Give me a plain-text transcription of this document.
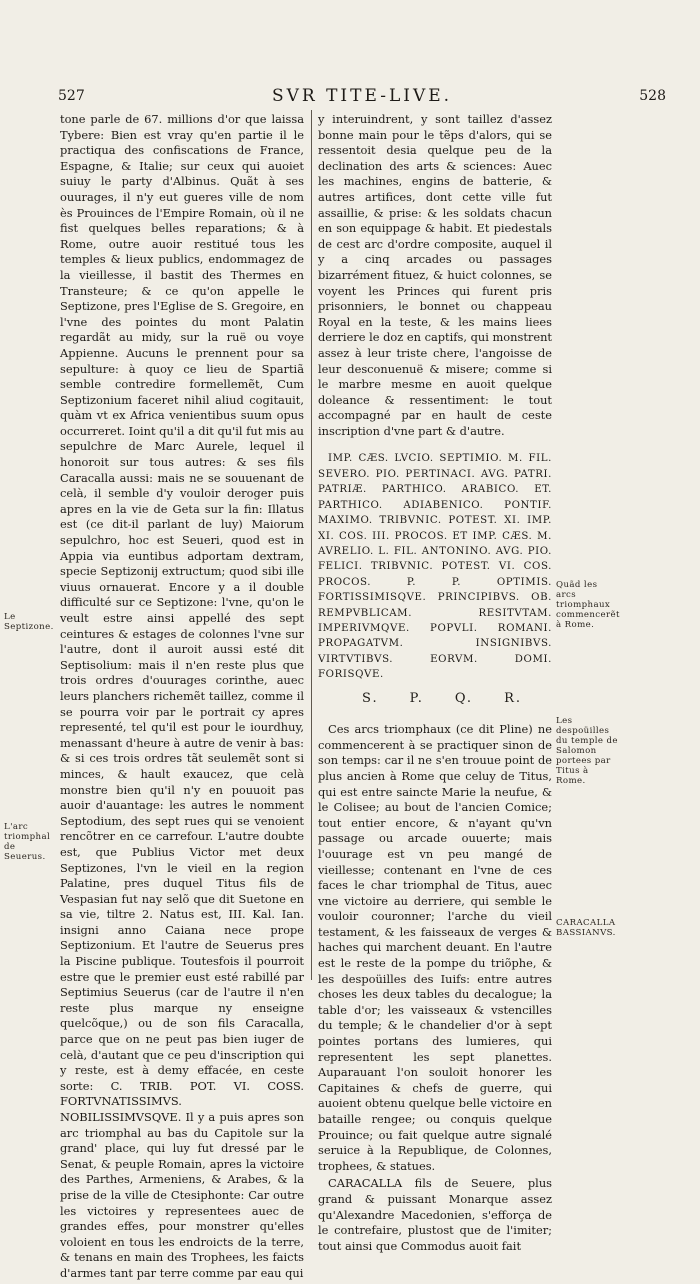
527	SVR TITE-LIVE.	528

tone parle de 67. millions d'or que laissa Tybere: Bien est vray qu'en partie il le practiqua des confiscations de France, Espagne, & Italie; sur ceux qui auoiet suiuy le party d'Albinus. Quãt à ses ouurages, il n'y eut gueres ville de nom ès Prouinces de l'Empire Romain, où il ne fist quelques belles reparations; & à Rome, outre auoir restitué tous les temples & lieux publics, endommagez de la vieillesse, il bastit des Thermes en Transteure; & ce qu'on appelle le Septizone, pres l'Eglise de S. Gregoire, en l'vne des pointes du mont Palatin regardãt au midy, sur la ruë ou voye Appienne. Aucuns le prennent pour sa sepulture: à quoy ce lieu de Spartiã semble contredire formellemẽt, Cum Septizonium faceret nihil aliud cogitauit, quàm vt ex Africa venientibus suum opus occurreret. Ioint qu'il a dit qu'il fut mis au sepulchre de Marc Aurele, lequel il honoroit sur tous autres: & ses fils Caracalla aussi: mais ne se souuenant de celà, il semble d'y vouloir deroger puis apres en la vie de Geta sur la fin: Illatus est (ce dit-il parlant de luy) Maiorum sepulchro, hoc est Seueri, quod est in Appia via euntibus adportam dextram, specie Septizonij extructum; quod sibi ille viuus ornauerat. Encore y a il double difficulté sur ce Septizone: l'vne, qu'on le veult estre ainsi appellé des sept ceintures & estages de colonnes l'vne sur l'autre, dont il auroit aussi esté dit Septisolium: mais il n'en reste plus que trois ordres d'ouurages corinthe, auec leurs planchers richemẽt taillez, comme il se pourra voir par le portrait cy apres representé, tel qu'il est pour le iourdhuy, menassant d'heure à autre de venir à bas: & si ces trois ordres tãt seulemẽt sont si minces, & hault exaucez, que celà monstre bien qu'il n'y en pouuoit pas auoir d'auantage: les autres le nomment Septodium, des sept rues qui se venoient rencõtrer en ce carrefour. L'autre doubte est, que Publius Victor met deux Septizones, l'vn le vieil en la region Palatine, pres duquel Titus fils de Vespasian fut nay selõ que dit Suetone en sa vie, tiltre 2. Natus est, III. Kal. Ian. insigni anno Caiana nece prope Septizonium. Et l'autre de Seuerus pres la Piscine publique. Toutesfois il pourroit estre que le premier eust esté rabillé par Septimius Seuerus (car de l'autre il n'en reste plus marque ny enseigne quelcõque,) ou de son fils Caracalla, parce que on ne peut pas bien iuger de celà, d'autant que ce peu d'inscription qui y reste, est à demy effacée, en ceste sorte: C. TRIB. POT. VI. COSS. FORTVNATISSIMVS. NOBILISSIMVSQVE. Il y a puis apres son arc triomphal au bas du Capitole sur la grand' place, qui luy fut dressé par le Senat, & peuple Romain, apres la victoire des Parthes, Armeniens, & Arabes, & la prise de la ville de Ctesiphonte: Car outre les victoires y representees auec de grandes effes, pour monstrer qu'elles voloient en tous les endroicts de la terre, & tenans en main des Trophees, les faicts d'armes tant par terre comme par eau qui

y interuindrent, y sont taillez d'assez bonne main pour le tẽps d'alors, qui se ressentoit desia quelque peu de la declination des arts & sciences: Auec les machines, engins de batterie, & autres artifices, dont cette ville fut assaillie, & prise: & les soldats chacun en son equippage & habit. Et piedestals de cest arc d'ordre composite, auquel il y a cinq arcades ou passages bizarrément fituez, & huict colonnes, se voyent les Princes qui furent pris prisonniers, le bonnet ou chappeau Royal en la teste, & les mains liees derriere le doz en captifs, qui monstrent assez à leur triste chere, l'angoisse de leur desconuenuë & misere; comme si le marbre mesme en auoit quelque doleance & ressentiment: le tout accompagné par en hault de ceste inscription d'vne part & d'autre.

IMP. CÆS. LVCIO. SEPTIMIO. M. FIL. SEVERO. PIO. PERTINACI. AVG. PATRI. PATRIÆ. PARTHICO. ARABICO. ET. PARTHICO. ADIABENICO. PONTIF. MAXIMO. TRIBVNIC. POTEST. XI. IMP. XI. COS. III. PROCOS. ET IMP. CÆS. M. AVRELIO. L. FIL. ANTONINO. AVG. PIO. FELICI. TRIBVNIC. POTEST. VI. COS. PROCOS. P. P. OPTIMIS. FORTISSIMISQVE. PRINCIPIBVS. OB. REMPVBLICAM. RESITVTAM. IMPERIVMQVE. POPVLI. ROMANI. PROPAGATVM. INSIGNIBVS. VIRTVTIBVS. EORVM. DOMI. FORISQVE.
S. P. Q. R.

Ces arcs triomphaux (ce dit Pline) ne commencerent à se practiquer sinon de son temps: car il ne s'en trouue point de plus ancien à Rome que celuy de Titus, qui est entre saincte Marie la neufue, & le Colisee; au bout de l'ancien Comice; tout entier encore, & n'ayant qu'vn passage ou arcade ouuerte; mais l'ouurage est vn peu mangé de vieillesse; contenant en l'vne de ces faces le char triomphal de Titus, auec vne victoire au derriere, qui semble le vouloir couronner; l'arche du vieil testament, & les faisseaux de verges & haches qui marchent deuant. En l'autre est le reste de la pompe du triõphe, & les despoüilles des Iuifs: entre autres choses les deux tables du decalogue; la table d'or; les vaisseaux & vstencilles du temple; & le chandelier d'or à sept pointes portans des lumieres, qui representent les sept planettes. Auparauant l'on souloit honorer les Capitaines & chefs de guerre, qui auoient obtenu quelque belle victoire en bataille rengee; ou conquis quelque Prouince; ou fait quelque autre signalé seruice à la Republique, de Colonnes, trophees, & statues.

CARACALLA fils de Seuere, plus grand & puissant Monarque assez qu'Alexandre Macedonien, s'efforça de le contrefaire, plustost que de l'imiter; tout ainsi que Commodus auoit fait

Le Septizone.
L'arc triomphal de Seuerus.
Quãd les arcs triomphaux commencerẽt à Rome.
Les despoüilles du temple de Salomon portees par Titus à Rome.
CARACALLA BASSIANVS.
